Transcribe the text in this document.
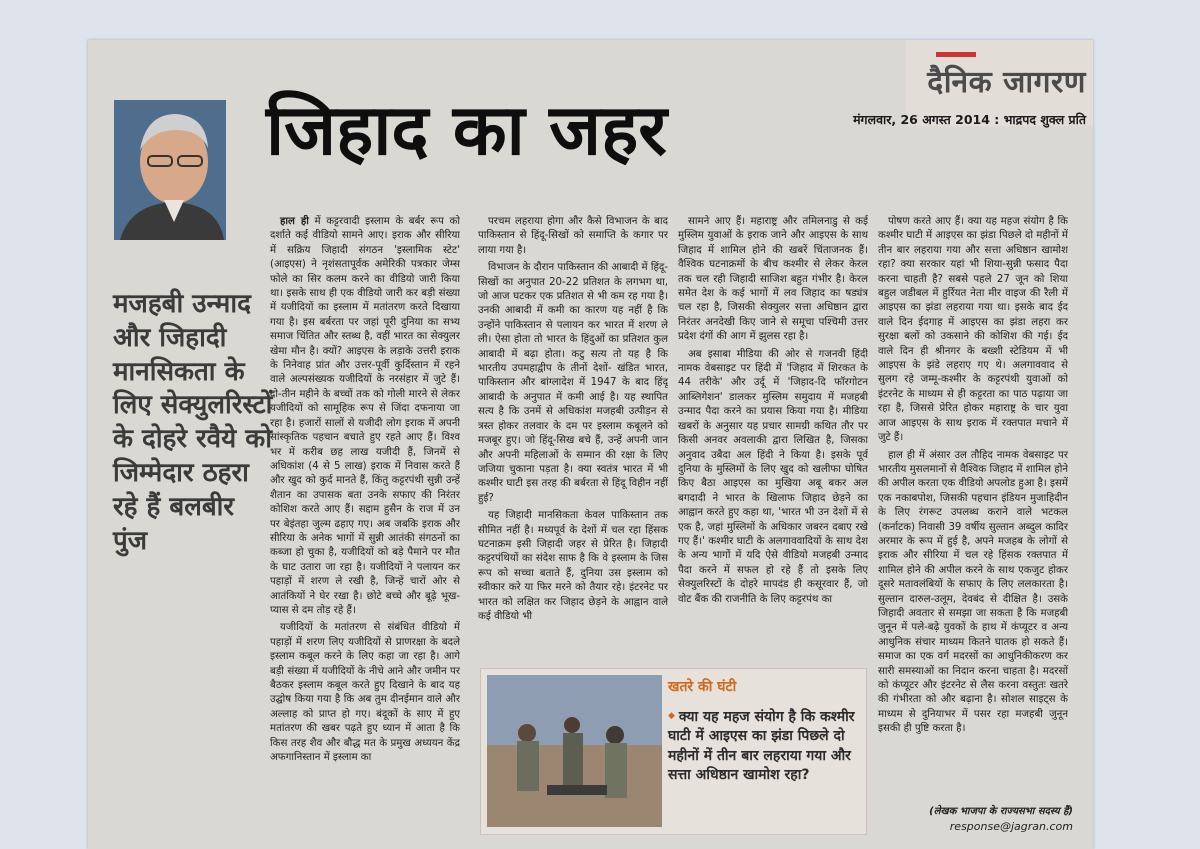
दैनिक जागरण
मंगलवार, 26 अगस्त 2014 : भाद्रपद शुक्ल प्रति
जिहाद का जहर
मजहबी उन्माद और जिहादी मानसिकता के लिए सेक्युलरिस्टों के दोहरे रवैये को जिम्मेदार ठहरा रहे हैं बलबीर पुंज

हाल ही में कट्टरवादी इस्लाम के बर्बर रूप को दर्शाते कई वीडियो सामने आए। इराक और सीरिया में सक्रिय जिहादी संगठन 'इस्लामिक स्टेट' (आइएस) ने नृशंसतापूर्वक अमेरिकी पत्रकार जेम्स फोले का सिर कलम करने का वीडियो जारी किया था। इसके साथ ही एक वीडियो जारी कर बड़ी संख्या में यजीदियों का इस्लाम में मतांतरण करते दिखाया गया है। इस बर्बरता पर जहां पूरी दुनिया का सभ्य समाज चिंतित और स्तब्ध है, वहीं भारत का सेक्युलर खेमा मौन है। क्यों? आइएस के लड़ाके उत्तरी इराक के निनेवाह प्रांत और उत्तर-पूर्वी कुर्दिस्तान में रहने वाले अल्पसंख्यक यजीदियों के नरसंहार में जुटे हैं। दो-तीन महीने के बच्चों तक को गोली मारने से लेकर यजीदियों को सामूहिक रूप से जिंदा दफनाया जा रहा है। हजारों सालों से यजीदी लोग इराक में अपनी सांस्कृतिक पहचान बचाते हुए रहते आए हैं। विश्व भर में करीब छह लाख यजीदी हैं, जिनमें से अधिकांश (4 से 5 लाख) इराक में निवास करते हैं और खुद को कुर्द मानते हैं, किंतु कट्टरपंथी सुन्नी उन्हें शैतान का उपासक बता उनके सफाए की निरंतर कोशिश करते आए हैं। सद्दाम हुसैन के राज में उन पर बेइंतहा जुल्म ढहाए गए। अब जबकि इराक और सीरिया के अनेक भागों में सुन्नी आतंकी संगठनों का कब्जा हो चुका है, यजीदियों को बड़े पैमाने पर मौत के घाट उतारा जा रहा है। यजीदियों ने पलायन कर पहाड़ों में शरण ले रखी है, जिन्हें चारों ओर से आतंकियों ने घेर रखा है। छोटे बच्चे और बूढ़े भूख-प्यास से दम तोड़ रहे हैं।

यजीदियों के मतांतरण से संबंधित वीडियो में पहाड़ों में शरण लिए यजीदियों से प्राणरक्षा के बदले इस्लाम कबूल करने के लिए कहा जा रहा है। आगे बड़ी संख्या में यजीदियों के नीचे आने और जमीन पर बैठकर इस्लाम कबूल करते हुए दिखाने के बाद यह उद्घोष किया गया है कि अब तुम दीनईमान वाले और अल्लाह को प्राप्त हो गए। बंदूकों के साए में हुए मतांतरण की खबर पढ़ते हुए ध्यान में आता है कि किस तरह शैव और बौद्ध मत के प्रमुख अध्ययन केंद्र अफगानिस्तान में इस्लाम का

परचम लहराया होगा और कैसे विभाजन के बाद पाकिस्तान से हिंदू-सिखों को समाप्ति के कगार पर लाया गया है।

विभाजन के दौरान पाकिस्तान की आबादी में हिंदू-सिखों का अनुपात 20-22 प्रतिशत के लगभग था, जो आज घटकर एक प्रतिशत से भी कम रह गया है। उनकी आबादी में कमी का कारण यह नहीं है कि उन्होंने पाकिस्तान से पलायन कर भारत में शरण ले ली। ऐसा होता तो भारत के हिंदुओं का प्रतिशत कुल आबादी में बढ़ा होता। कटु सत्य तो यह है कि भारतीय उपमहाद्वीप के तीनों देशों- खंडित भारत, पाकिस्तान और बांग्लादेश में 1947 के बाद हिंदू आबादी के अनुपात में कमी आई है। यह स्थापित सत्य है कि उनमें से अधिकांश मजहबी उत्पीड़न से त्रस्त होकर तलवार के दम पर इस्लाम कबूलने को मजबूर हुए। जो हिंदू-सिख बचे हैं, उन्हें अपनी जान और अपनी महिलाओं के सम्मान की रक्षा के लिए जजिया चुकाना पड़ता है। क्या स्वतंत्र भारत में भी कश्मीर घाटी इस तरह की बर्बरता से हिंदू विहीन नहीं हुई?

यह जिहादी मानसिकता केवल पाकिस्तान तक सीमित नहीं है। मध्यपूर्व के देशों में चल रहा हिंसक घटनाक्रम इसी जिहादी जहर से प्रेरित है। जिहादी कट्टरपंथियों का संदेश साफ है कि वे इस्लाम के जिस रूप को सच्चा बताते हैं, दुनिया उस इस्लाम को स्वीकार करे या फिर मरने को तैयार रहे। इंटरनेट पर भारत को लक्षित कर जिहाद छेड़ने के आह्वान वाले कई वीडियो भी

सामने आए हैं। महाराष्ट्र और तमिलनाडु से कई मुस्लिम युवाओं के इराक जाने और आइएस के साथ जिहाद में शामिल होने की खबरें चिंताजनक हैं। वैश्विक घटनाक्रमों के बीच कश्मीर से लेकर केरल तक चल रही जिहादी साजिश बहुत गंभीर है। केरल समेत देश के कई भागों में लव जिहाद का षड्यंत्र चल रहा है, जिसकी सेक्युलर सत्ता अधिष्ठान द्वारा निरंतर अनदेखी किए जाने से समूचा पश्चिमी उत्तर प्रदेश दंगों की आग में झुलस रहा है।

अब इसाबा मीडिया की ओर से गजनवी हिंदी नामक वेबसाइट पर हिंदी में 'जिहाद में शिरकत के 44 तरीके' और उर्दू में 'जिहाद-दि फॉरगोटन आब्लिगेशन' डालकर मुस्लिम समुदाय में मजहबी उन्माद पैदा करने का प्रयास किया गया है। मीडिया खबरों के अनुसार यह प्रचार सामग्री कथित तौर पर किसी अनवर अवलाकी द्वारा लिखित है, जिसका अनुवाद उबैदा अल हिंदी ने किया है। इसके पूर्व दुनिया के मुस्लिमों के लिए खुद को खलीफा घोषित किए बैठा आइएस का मुखिया अबू बकर अल बगदादी ने भारत के खिलाफ जिहाद छेड़ने का आह्वान करते हुए कहा था, 'भारत भी उन देशों में से एक है, जहां मुस्लिमों के अधिकार जबरन दबाए रखे गए हैं।' कश्मीर घाटी के अलगाववादियों के साथ देश के अन्य भागों में यदि ऐसे वीडियो मजहबी उन्माद पैदा करने में सफल हो रहे हैं तो इसके लिए सेक्युलरिस्टों के दोहरे मापदंड ही कसूरवार हैं, जो वोट बैंक की राजनीति के लिए कट्टरपंथ का

पोषण करते आए हैं। क्या यह महज संयोग है कि कश्मीर घाटी में आइएस का झंडा पिछले दो महीनों में तीन बार लहराया गया और सत्ता अधिष्ठान खामोश रहा? क्या सरकार यहां भी शिया-सुन्नी फसाद पैदा करना चाहती है? सबसे पहले 27 जून को शिया बहुल जडीबल में हुर्रियत नेता मीर वाइज की रैली में आइएस का झंडा लहराया गया था। इसके बाद ईद वाले दिन ईदगाह में आइएस का झंडा लहरा कर सुरक्षा बलों को उकसाने की कोशिश की गई। ईद वाले दिन ही श्रीनगर के बख्शी स्टेडियम में भी आइएस के झंडे लहराए गए थे। अलगाववाद से सुलग रहे जम्मू-कश्मीर के कट्टरपंथी युवाओं को इंटरनेट के माध्यम से ही कट्टरता का पाठ पढ़ाया जा रहा है, जिससे प्रेरित होकर महाराष्ट्र के चार युवा आज आइएस के साथ इराक में रक्तपात मचाने में जुटे हैं।

हाल ही में अंसार उल तौहिद नामक वेबसाइट पर भारतीय मुसलमानों से वैश्विक जिहाद में शामिल होने की अपील करता एक वीडियो अपलोड हुआ है। इसमें एक नकाबपोश, जिसकी पहचान इंडियन मुजाहिदीन के लिए रंगरूट उपलब्ध कराने वाले भटकल (कर्नाटक) निवासी 39 वर्षीय सुल्तान अब्दुल कादिर अरमार के रूप में हुई है, अपने मजहब के लोगों से इराक और सीरिया में चल रहे हिंसक रक्तपात में शामिल होने की अपील करने के साथ एकजुट होकर दूसरे मतावलंबियों के सफाए के लिए ललकारता है। सुल्तान दारुल-उलूम, देवबंद से दीक्षित है। उसके जिहादी अवतार से समझा जा सकता है कि मजहबी जुनून में पले-बढ़े युवकों के हाथ में कंप्यूटर व अन्य आधुनिक संचार माध्यम कितने घातक हो सकते हैं। समाज का एक वर्ग मदरसों का आधुनिकीकरण कर सारी समस्याओं का निदान करना चाहता है। मदरसों को कंप्यूटर और इंटरनेट से लैस करना वस्तुतः खतरे की गंभीरता को और बढ़ाना है। सोशल साइट्स के माध्यम से दुनियाभर में पसर रहा मजहबी जुनून इसकी ही पुष्टि करता है।

खतरे की घंटी
◆ क्या यह महज संयोग है कि कश्मीर घाटी में आइएस का झंडा पिछले दो महीनों में तीन बार लहराया गया और सत्ता अधिष्ठान खामोश रहा?
(लेखक भाजपा के राज्यसभा सदस्य हैं)
response@jagran.com
